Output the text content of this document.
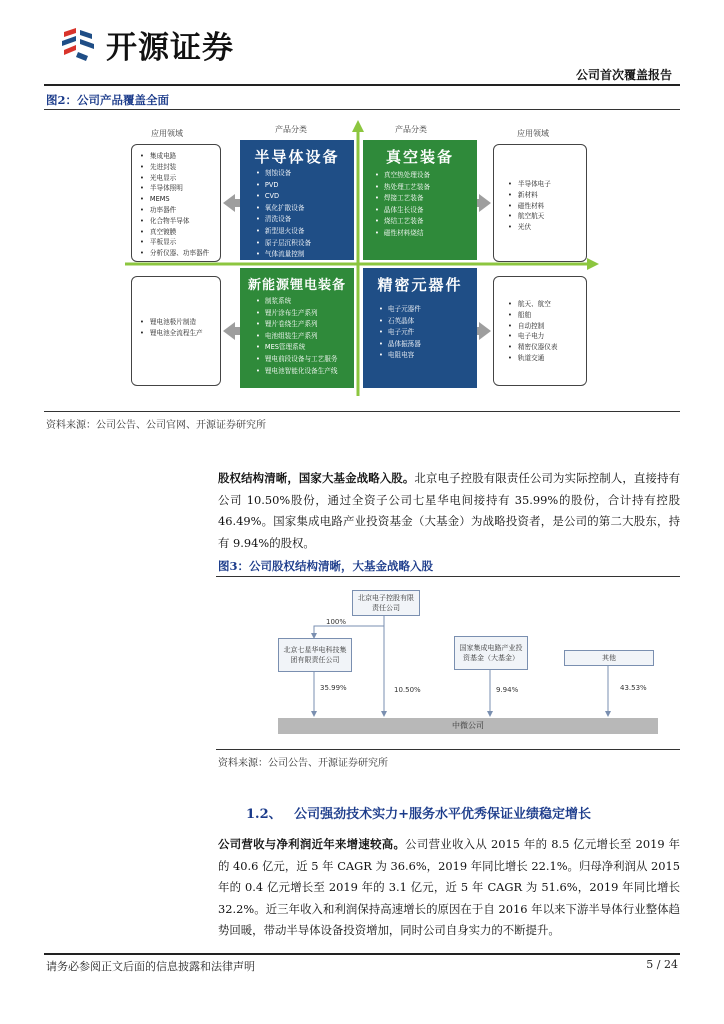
开源证券
公司首次覆盖报告
图2：公司产品覆盖全面
应用领域	产品分类	产品分类	应用领域
• 集成电路
• 先进封装
• 光电显示
• 半导体照明
• MEMS
• 功率器件
• 化合物半导体
• 真空镀膜
• 平板显示
• 分析仪器、功率器件
• 锂电池极片制造
• 锂电池全流程生产
• 半导体电子
• 新材料
• 磁性材料
• 航空航天
• 光伏
• 航天、航空
• 船舶
• 自动控制
• 电子电力
• 精密仪器仪表
• 轨道交通
半导体设备
• 刻蚀设备
• PVD
• CVD
• 氧化扩散设备
• 清洗设备
• 新型退火设备
• 原子层沉积设备
• 气体流量控制
真空装备
• 真空热处理设备
• 热处理工艺装备
• 焊接工艺装备
• 晶体生长设备
• 烧结工艺装备
• 磁性材料烧结
新能源锂电装备
• 制浆系统
• 锂片涂布生产系列
• 锂片卷绕生产系列
• 电池组装生产系列
• MES管理系统
• 锂电前段设备与工艺服务
• 锂电池智能化设备生产线
精密元器件
• 电子元器件
• 石英晶体
• 电子元件
• 晶体振荡器
• 电阻电容
资料来源：公司公告、公司官网、开源证券研究所
股权结构清晰，国家大基金战略入股。北京电子控股有限责任公司为实际控制人，直接持有公司 10.50%股份，通过全资子公司七星华电间接持有 35.99%的股份，合计持有控股 46.49%。国家集成电路产业投资基金（大基金）为战略投资者，是公司的第二大股东，持有 9.94%的股权。
图3：公司股权结构清晰，大基金战略入股
北京电子控股有限责任公司
北京七星华电科技集团有限责任公司
国家集成电路产业投资基金（大基金）	其他
100%
35.99%	10.50%	9.94%	43.53%
中微公司
资料来源：公司公告、开源证券研究所
1.2、 公司强劲技术实力+服务水平优秀保证业绩稳定增长
公司营收与净利润近年来增速较高。公司营业收入从 2015 年的 8.5 亿元增长至 2019 年的 40.6 亿元，近 5 年 CAGR 为 36.6%，2019 年同比增长 22.1%。归母净利润从 2015 年的 0.4 亿元增长至 2019 年的 3.1 亿元，近 5 年 CAGR 为 51.6%，2019 年同比增长 32.2%。近三年收入和利润保持高速增长的原因在于自 2016 年以来下游半导体行业整体趋势回暖，带动半导体设备投资增加，同时公司自身实力的不断提升。
请务必参阅正文后面的信息披露和法律声明	5 / 24
